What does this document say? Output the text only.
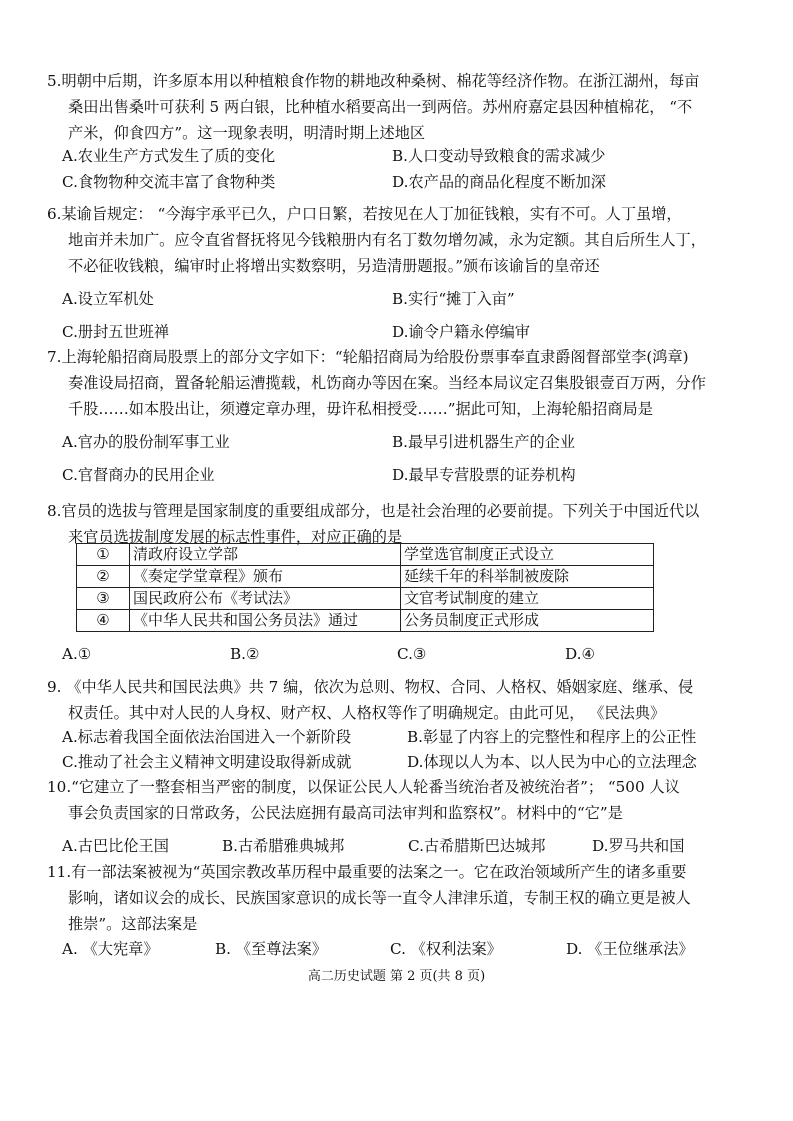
5.明朝中后期，许多原本用以种植粮食作物的耕地改种桑树、棉花等经济作物。在浙江湖州，每亩
桑田出售桑叶可获利 5 两白银，比种植水稻要高出一到两倍。苏州府嘉定县因种植棉花， “不
产米，仰食四方”。这一现象表明，明清时期上述地区
A.农业生产方式发生了质的变化	B.人口变动导致粮食的需求减少
C.食物物种交流丰富了食物种类	D.农产品的商品化程度不断加深
6.某谕旨规定： “今海宇承平已久，户口日繁，若按见在人丁加征钱粮，实有不可。人丁虽增，
地亩并未加广。应令直省督抚将见今钱粮册内有名丁数勿增勿减，永为定额。其自后所生人丁，
不必征收钱粮，编审时止将增出实数察明，另造清册题报。”颁布该谕旨的皇帝还
A.设立军机处	B.实行“摊丁入亩”
C.册封五世班禅	D.谕令户籍永停编审
7.上海轮船招商局股票上的部分文字如下：“轮船招商局为给股份票事奉直隶爵阁督部堂李(鸿章)
奏准设局招商，置备轮船运漕揽载，札饬商办等因在案。当经本局议定召集股银壹百万两，分作
千股……如本股出让，须遵定章办理，毋许私相授受……”据此可知，上海轮船招商局是
A.官办的股份制军事工业	B.最早引进机器生产的企业
C.官督商办的民用企业	D.最早专营股票的证券机构
8.官员的选拔与管理是国家制度的重要组成部分，也是社会治理的必要前提。下列关于中国近代以
来官员选拔制度发展的标志性事件，对应正确的是
①	清政府设立学部	学堂选官制度正式设立
②	《奏定学堂章程》颁布	延续千年的科举制被废除
③	国民政府公布《考试法》	文官考试制度的建立
④	《中华人民共和国公务员法》通过	公务员制度正式形成
A.①	B.②	C.③	D.④
9. 《中华人民共和国民法典》共 7 编，依次为总则、物权、合同、人格权、婚姻家庭、继承、侵
权责任。其中对人民的人身权、财产权、人格权等作了明确规定。由此可见， 《民法典》
A.标志着我国全面依法治国进入一个新阶段	B.彰显了内容上的完整性和程序上的公正性
C.推动了社会主义精神文明建设取得新成就	D.体现以人为本、以人民为中心的立法理念
10.“它建立了一整套相当严密的制度，以保证公民人人轮番当统治者及被统治者”； “500 人议
事会负责国家的日常政务，公民法庭拥有最高司法审判和监察权”。材料中的“它”是
A.古巴比伦王国	B.古希腊雅典城邦	C.古希腊斯巴达城邦	D.罗马共和国
11.有一部法案被视为“英国宗教改革历程中最重要的法案之一。它在政治领域所产生的诸多重要
影响，诸如议会的成长、民族国家意识的成长等一直令人津津乐道，专制王权的确立更是被人
推崇”。这部法案是
A. 《大宪章》	B. 《至尊法案》	C. 《权利法案》	D. 《王位继承法》
高二历史试题 第 2 页(共 8 页)
